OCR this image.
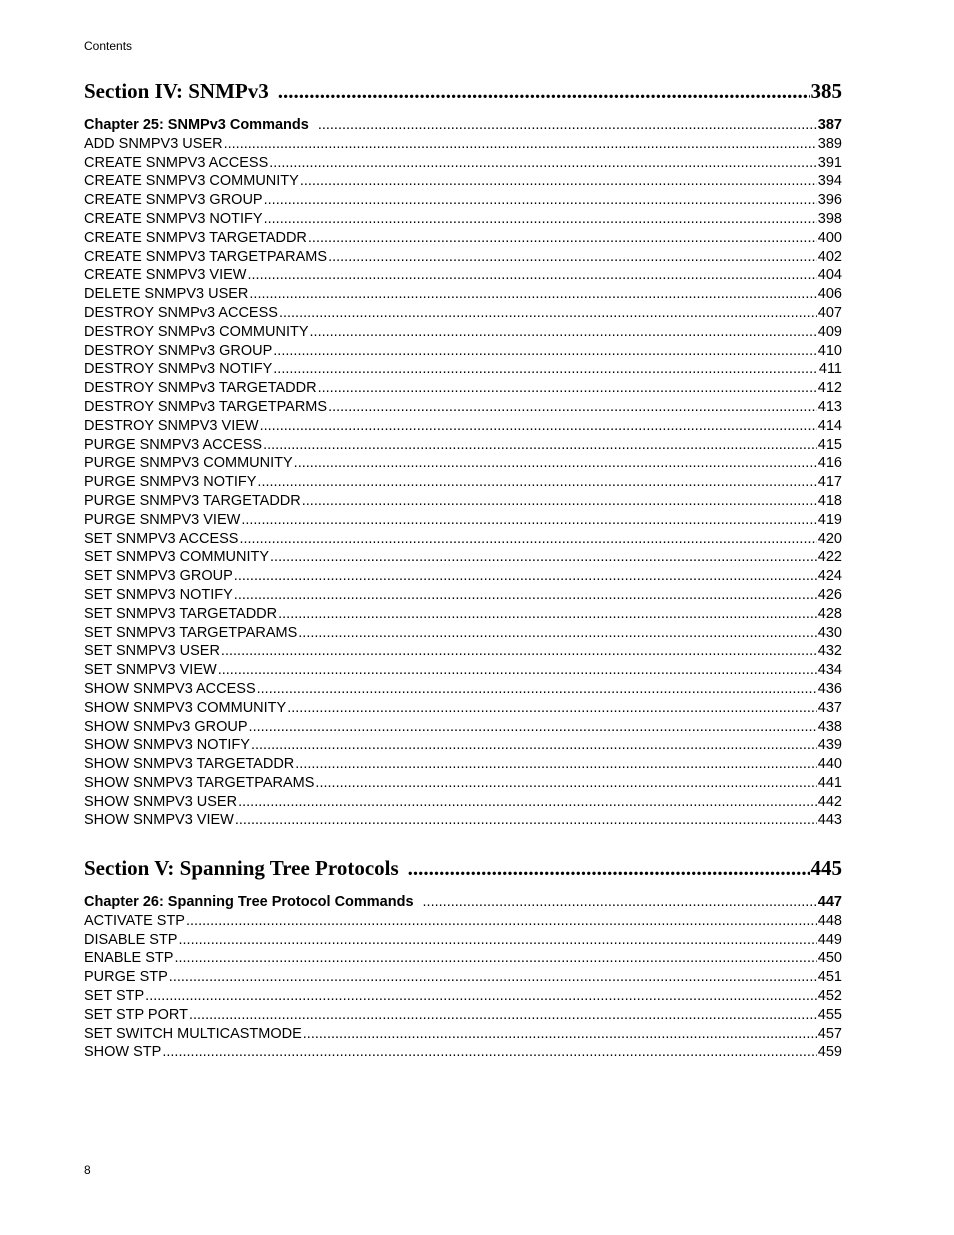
Contents
Section IV: SNMPv3 .....	385
Chapter 25: SNMPv3 Commands .....	387
ADD SNMPV3 USER .....	389
CREATE SNMPV3 ACCESS .....	391
CREATE SNMPV3 COMMUNITY .....	394
CREATE SNMPV3 GROUP .....	396
CREATE SNMPV3 NOTIFY .....	398
CREATE SNMPV3 TARGETADDR .....	400
CREATE SNMPV3 TARGETPARAMS .....	402
CREATE SNMPV3 VIEW .....	404
DELETE SNMPV3 USER .....	406
DESTROY SNMPv3 ACCESS .....	407
DESTROY SNMPv3 COMMUNITY .....	409
DESTROY SNMPv3 GROUP .....	410
DESTROY SNMPv3 NOTIFY .....	411
DESTROY SNMPv3 TARGETADDR .....	412
DESTROY SNMPv3 TARGETPARMS .....	413
DESTROY SNMPV3 VIEW .....	414
PURGE SNMPV3 ACCESS .....	415
PURGE SNMPV3 COMMUNITY .....	416
PURGE SNMPV3 NOTIFY .....	417
PURGE SNMPV3 TARGETADDR .....	418
PURGE SNMPV3 VIEW .....	419
SET SNMPV3 ACCESS .....	420
SET SNMPV3 COMMUNITY .....	422
SET SNMPV3 GROUP .....	424
SET SNMPV3 NOTIFY .....	426
SET SNMPV3 TARGETADDR .....	428
SET SNMPV3 TARGETPARAMS .....	430
SET SNMPV3 USER .....	432
SET SNMPV3 VIEW .....	434
SHOW SNMPV3 ACCESS .....	436
SHOW SNMPV3 COMMUNITY .....	437
SHOW SNMPv3 GROUP .....	438
SHOW SNMPV3 NOTIFY .....	439
SHOW SNMPV3 TARGETADDR .....	440
SHOW SNMPV3 TARGETPARAMS .....	441
SHOW SNMPV3 USER .....	442
SHOW SNMPV3 VIEW .....	443
Section V: Spanning Tree Protocols .....	445
Chapter 26: Spanning Tree Protocol Commands .....	447
ACTIVATE STP .....	448
DISABLE STP .....	449
ENABLE STP .....	450
PURGE STP .....	451
SET STP .....	452
SET STP PORT .....	455
SET SWITCH MULTICASTMODE .....	457
SHOW STP .....	459
8
